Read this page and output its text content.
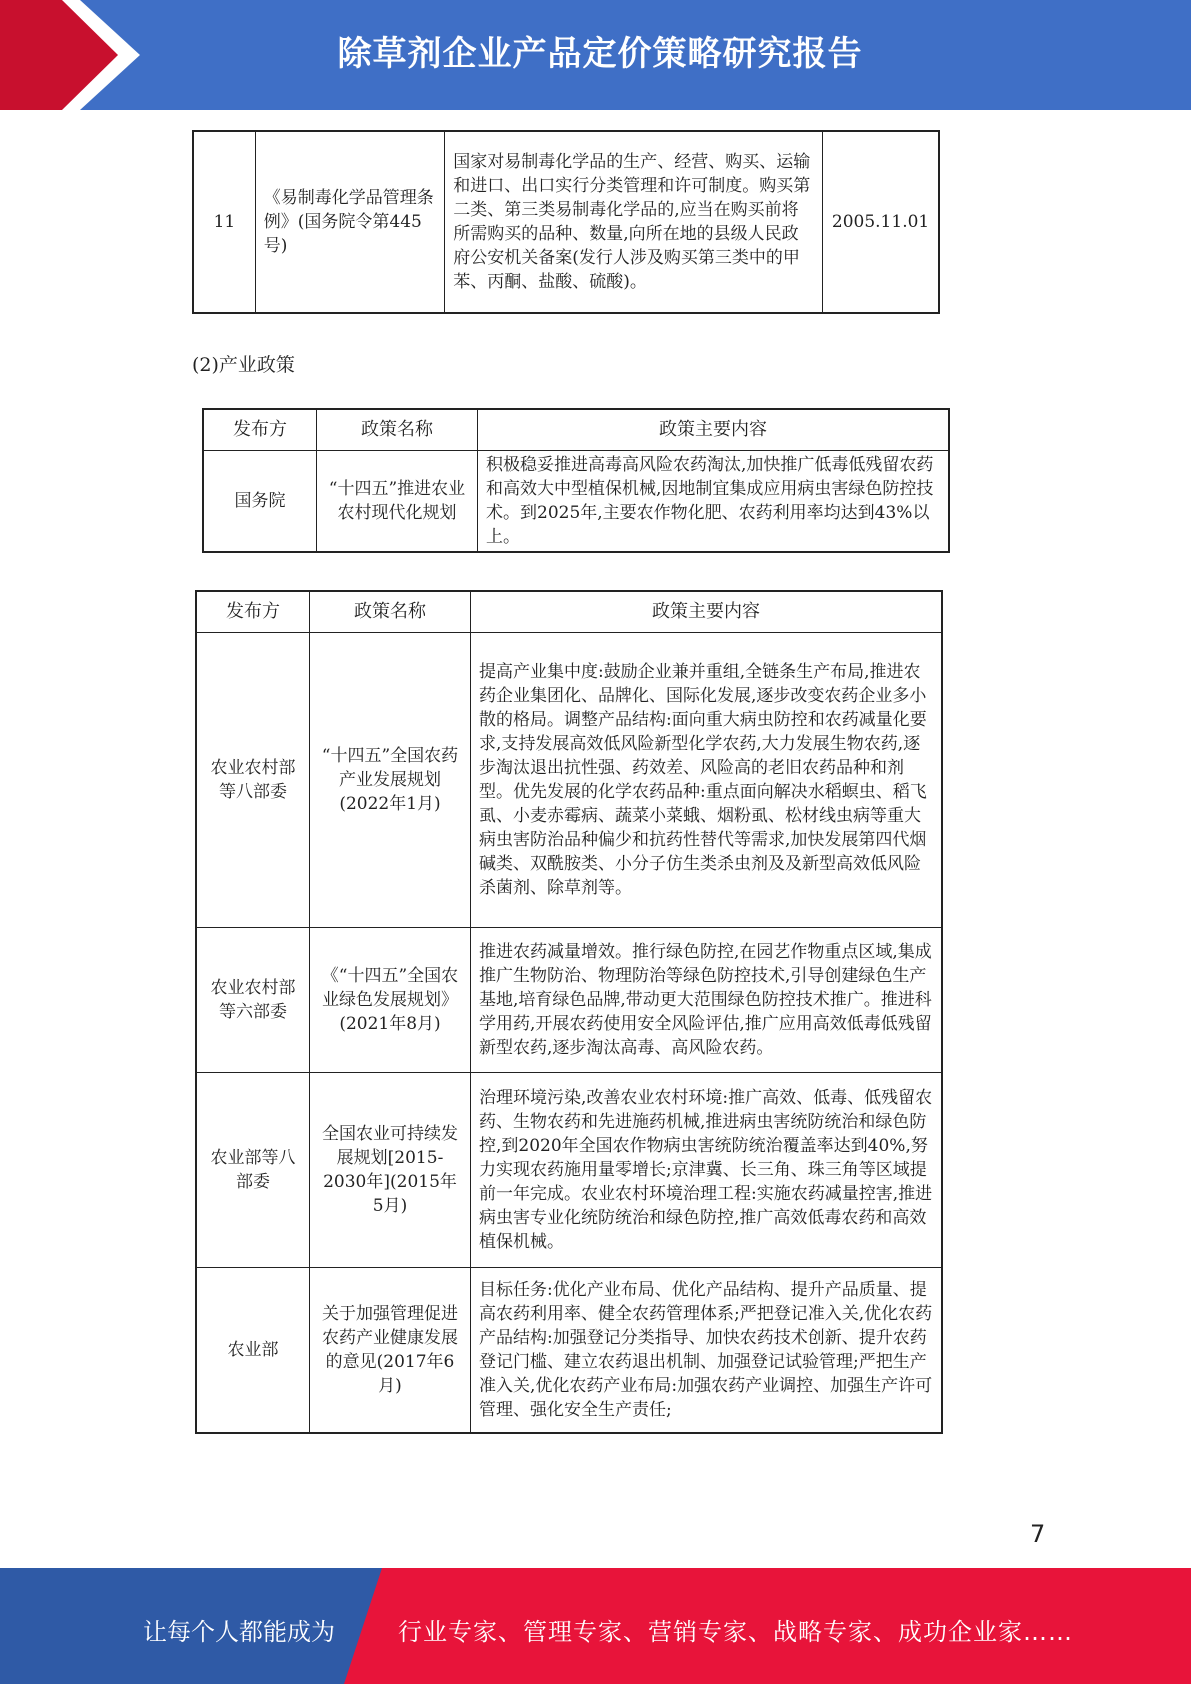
除草剂企业产品定价策略研究报告
11	《易制毒化学品管理条例》(国务院令第445号)	国家对易制毒化学品的生产、经营、购买、运输和进口、出口实行分类管理和许可制度。购买第二类、第三类易制毒化学品的,应当在购买前将所需购买的品种、数量,向所在地的县级人民政府公安机关备案(发行人涉及购买第三类中的甲苯、丙酮、盐酸、硫酸)。	2005.11.01
(2)产业政策
发布方	政策名称	政策主要内容
国务院	“十四五”推进农业农村现代化规划	积极稳妥推进高毒高风险农药淘汰,加快推广低毒低残留农药和高效大中型植保机械,因地制宜集成应用病虫害绿色防控技术。到2025年,主要农作物化肥、农药利用率均达到43%以上。
发布方	政策名称	政策主要内容
农业农村部等八部委	“十四五”全国农药产业发展规划(2022年1月)	提高产业集中度:鼓励企业兼并重组,全链条生产布局,推进农药企业集团化、品牌化、国际化发展,逐步改变农药企业多小散的格局。调整产品结构:面向重大病虫防控和农药减量化要求,支持发展高效低风险新型化学农药,大力发展生物农药,逐步淘汰退出抗性强、药效差、风险高的老旧农药品种和剂型。优先发展的化学农药品种:重点面向解决水稻螟虫、稻飞虱、小麦赤霉病、蔬菜小菜蛾、烟粉虱、松材线虫病等重大病虫害防治品种偏少和抗药性替代等需求,加快发展第四代烟碱类、双酰胺类、小分子仿生类杀虫剂及及新型高效低风险杀菌剂、除草剂等。
农业农村部等六部委	《“十四五”全国农业绿色发展规划》(2021年8月)	推进农药减量增效。推行绿色防控,在园艺作物重点区域,集成推广生物防治、物理防治等绿色防控技术,引导创建绿色生产基地,培育绿色品牌,带动更大范围绿色防控技术推广。推进科学用药,开展农药使用安全风险评估,推广应用高效低毒低残留新型农药,逐步淘汰高毒、高风险农药。
农业部等八部委	全国农业可持续发展规划[2015-2030年](2015年5月)	治理环境污染,改善农业农村环境:推广高效、低毒、低残留农药、生物农药和先进施药机械,推进病虫害统防统治和绿色防控,到2020年全国农作物病虫害统防统治覆盖率达到40%,努力实现农药施用量零增长;京津冀、长三角、珠三角等区域提前一年完成。农业农村环境治理工程:实施农药减量控害,推进病虫害专业化统防统治和绿色防控,推广高效低毒农药和高效植保机械。
农业部	关于加强管理促进农药产业健康发展的意见(2017年6月)	目标任务:优化产业布局、优化产品结构、提升产品质量、提高农药利用率、健全农药管理体系;严把登记准入关,优化农药产品结构:加强登记分类指导、加快农药技术创新、提升农药登记门槛、建立农药退出机制、加强登记试验管理;严把生产准入关,优化农药产业布局:加强农药产业调控、加强生产许可管理、强化安全生产责任;
7
让每个人都能成为	行业专家、管理专家、营销专家、战略专家、成功企业家……
